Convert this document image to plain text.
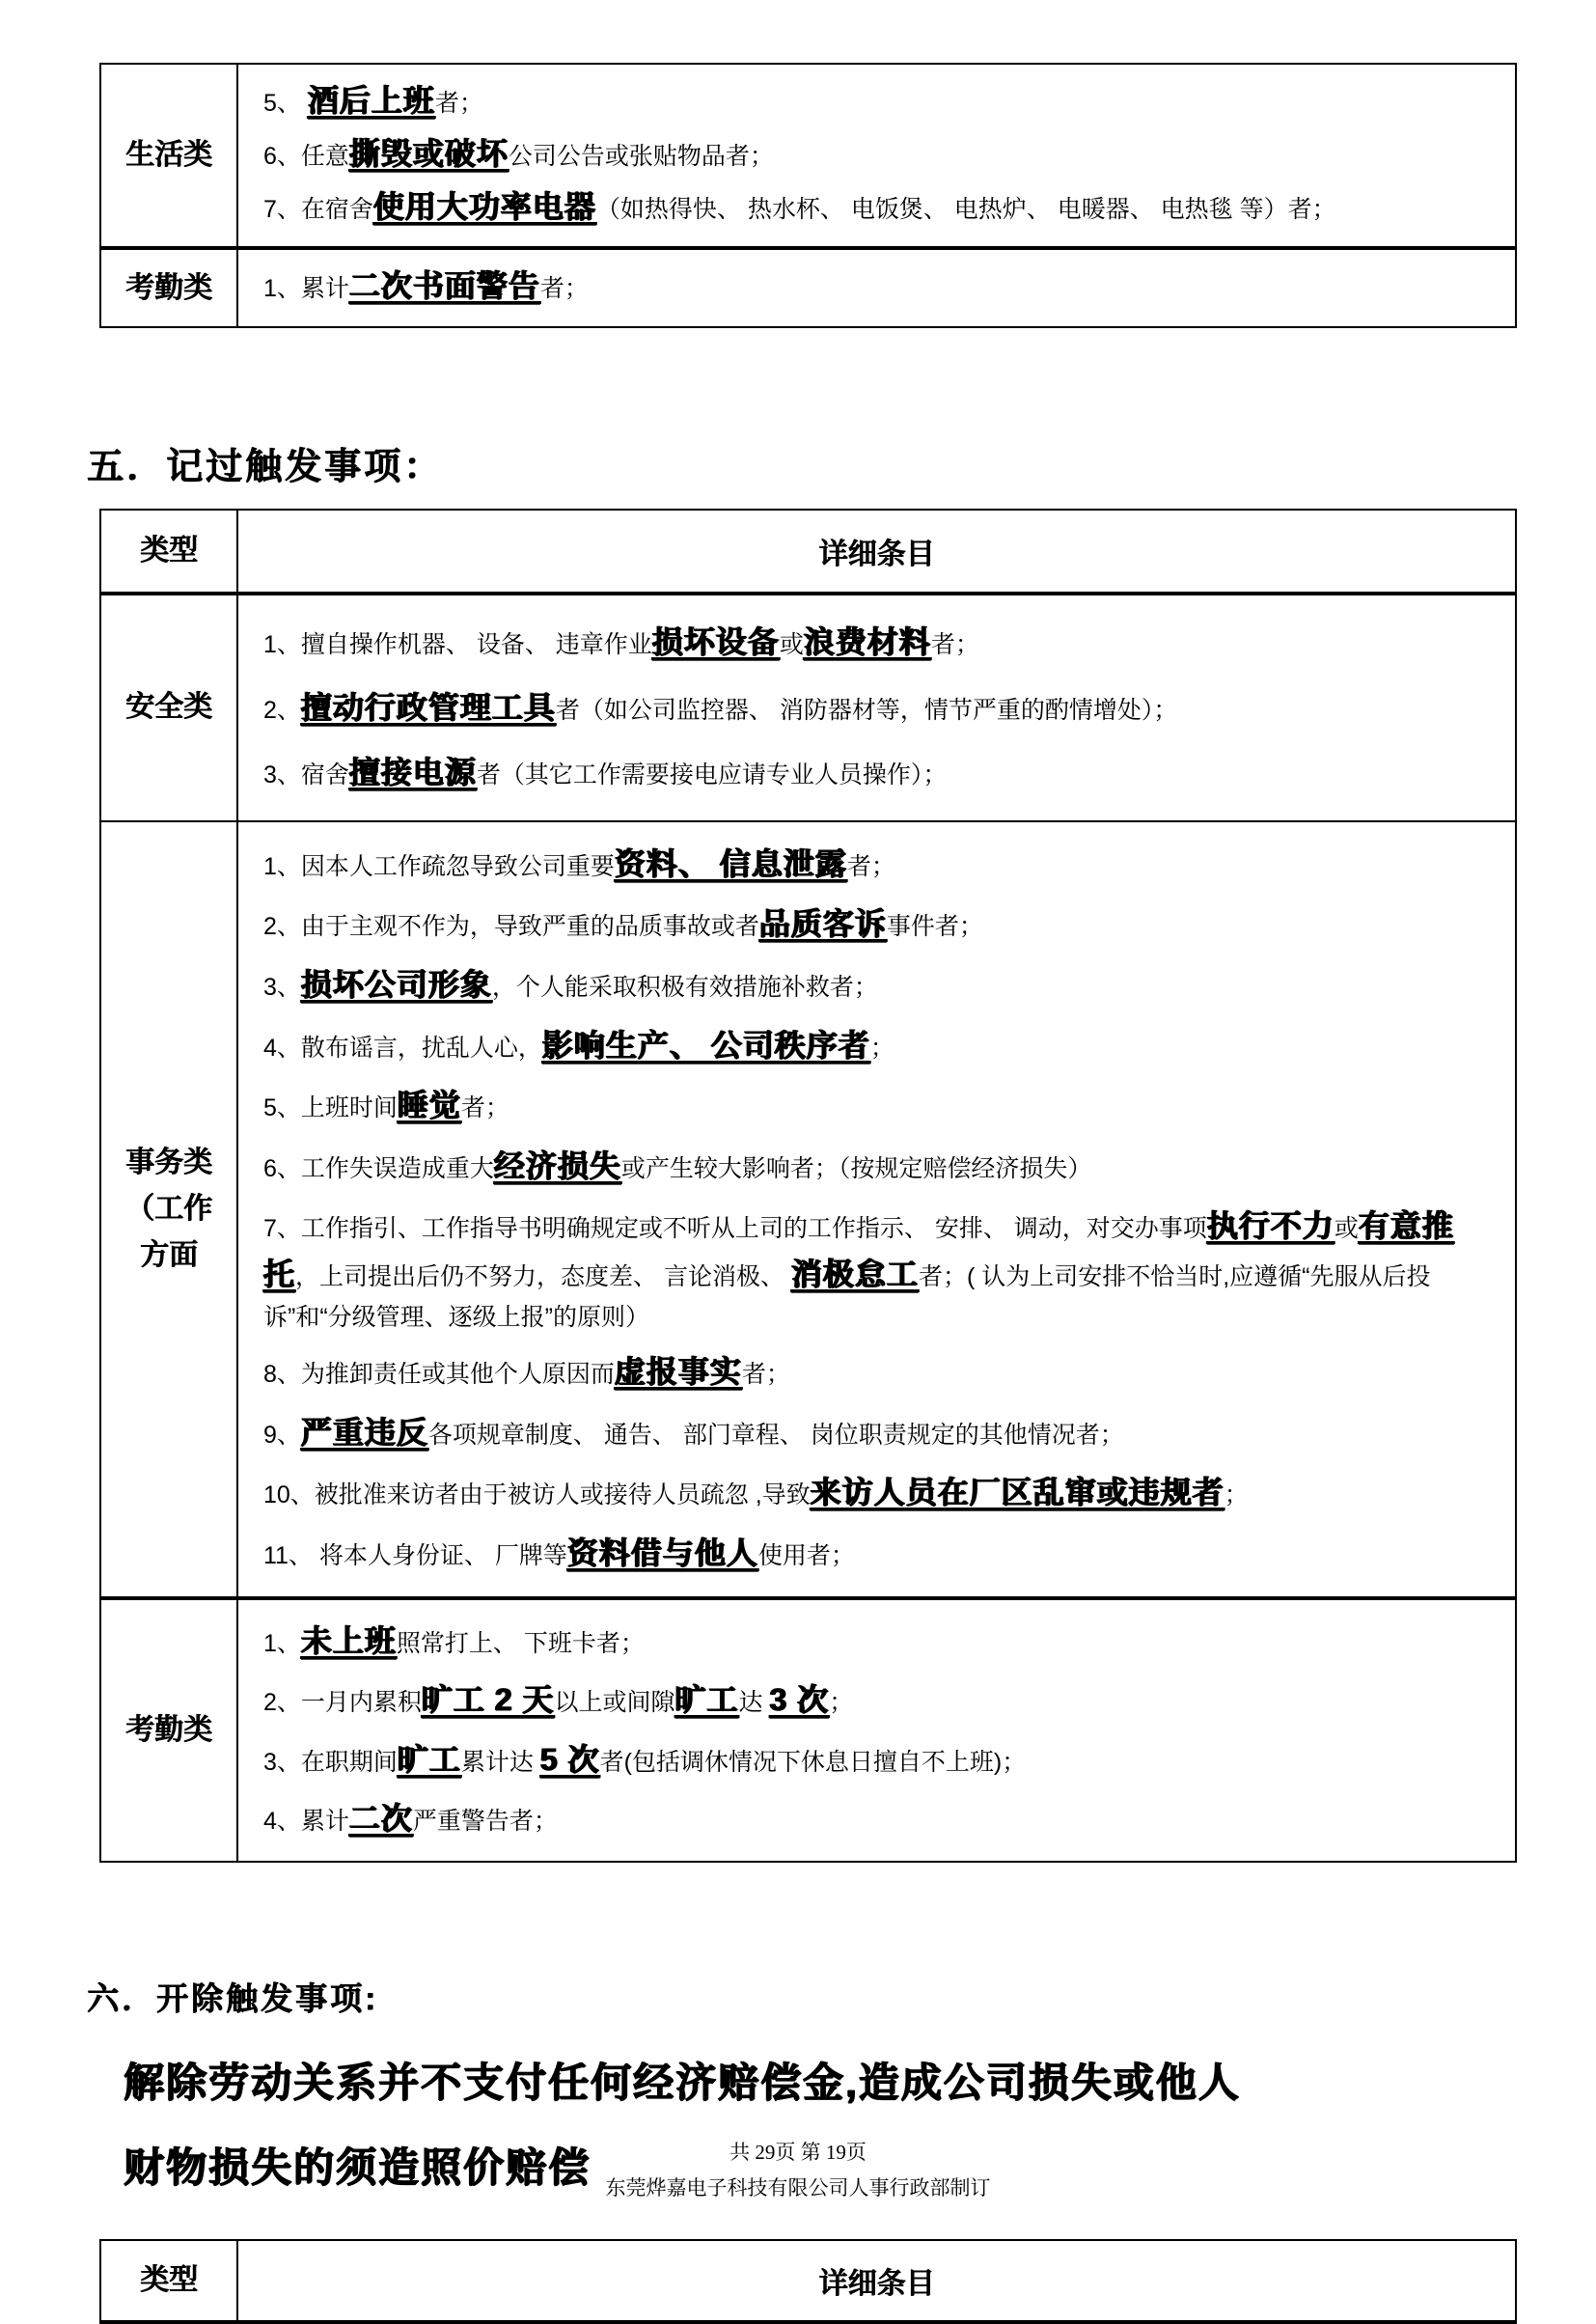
生活类
5、 酒后上班者；
6、任意撕毁或破坏公司公告或张贴物品者；
7、在宿舍使用大功率电器（如热得快、 热水杯、 电饭煲、 电热炉、 电暖器、 电热毯 等）者；
考勤类 1、累计二次书面警告者；
五．记过触发事项：
类型	详细条目
安全类
1、擅自操作机器、 设备、 违章作业损坏设备或浪费材料者；
2、擅动行政管理工具者（如公司监控器、 消防器材等，情节严重的酌情增处）；
3、宿舍擅接电源者（其它工作需要接电应请专业人员操作）；
事务类
（工作
方面
1、因本人工作疏忽导致公司重要资料、 信息泄露者；
2、由于主观不作为，导致严重的品质事故或者品质客诉事件者；
3、损坏公司形象，个人能采取积极有效措施补救者；
4、散布谣言，扰乱人心，影响生产、 公司秩序者；
5、上班时间睡觉者；
6、工作失误造成重大经济损失或产生较大影响者；（按规定赔偿经济损失）
7、工作指引、工作指导书明确规定或不听从上司的工作指示、 安排、 调动，对交办事项执行不力或有意推托，上司提出后仍不努力，态度差、 言论消极、 消极怠工者；( 认为上司安排不恰当时,应遵循“先服从后投诉”和“分级管理、逐级上报”的原则）
8、为推卸责任或其他个人原因而虚报事实者；
9、严重违反各项规章制度、 通告、 部门章程、 岗位职责规定的其他情况者；
10、被批准来访者由于被访人或接待人员疏忽 ,导致来访人员在厂区乱窜或违规者；
11、 将本人身份证、 厂牌等资料借与他人使用者；
考勤类
1、未上班照常打上、 下班卡者；
2、一月内累积旷工 2 天以上或间隙旷工达 3 次；
3、在职期间旷工累计达 5 次者(包括调休情况下休息日擅自不上班)；
4、累计二次严重警告者；
六．开除触发事项:
解除劳动关系并不支付任何经济赔偿金,造成公司损失或他人
财物损失的须造照价赔偿
类型	详细条目
共 29页 第 19页
东莞烨嘉电子科技有限公司人事行政部制订
